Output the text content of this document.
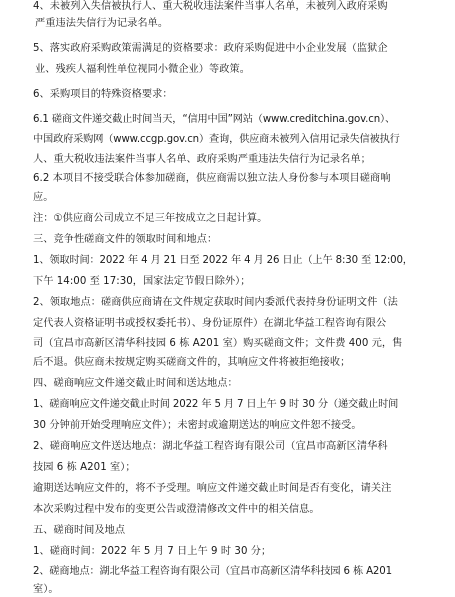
4、未被列入失信被执行人、重大税收违法案件当事人名单，未被列入政府采购
严重违法失信行为记录名单。
5、落实政府采购政策需满足的资格要求：政府采购促进中小企业发展（监狱企
业、残疾人福利性单位视同小微企业）等政策。
6、采购项目的特殊资格要求：
6.1 磋商文件递交截止时间当天，“信用中国”网站（www.creditchina.gov.cn）、
中国政府采购网（www.ccgp.gov.cn）查询，供应商未被列入信用记录失信被执行
人、重大税收违法案件当事人名单、政府采购严重违法失信行为记录名单；
6.2 本项目不接受联合体参加磋商，供应商需以独立法人身份参与本项目磋商响
应。
注：①供应商公司成立不足三年按成立之日起计算。
三、竞争性磋商文件的领取时间和地点：
1、领取时间：2022 年 4 月 21 日至 2022 年 4 月 26 日止（上午 8:30 至 12:00，
下午 14:00 至 17:30，国家法定节假日除外）；
2、领取地点：磋商供应商请在文件规定获取时间内委派代表持身份证明文件（法
定代表人资格证明书或授权委托书）、身份证原件）在湖北华益工程咨询有限公
司（宜昌市高新区清华科技园 6 栋 A201 室）购买磋商文件；文件费 400 元，售
后不退。供应商未按规定购买磋商文件的，其响应文件将被拒绝接收；
四、磋商响应文件递交截止时间和送达地点：
1、磋商响应文件递交截止时间 2022 年 5 月 7 日上午 9 时 30 分（递交截止时间
30 分钟前开始受理响应文件）；未密封或逾期送达的响应文件恕不接受。
2、磋商响应文件送达地点：湖北华益工程咨询有限公司（宜昌市高新区清华科
技园 6 栋 A201 室）；
逾期送达响应文件的，将不予受理。响应文件递交截止时间是否有变化，请关注
本次采购过程中发布的变更公告或澄清修改文件中的相关信息。
五、磋商时间及地点
1、磋商时间：2022 年 5 月 7 日上午 9 时 30 分；
2、磋商地点：湖北华益工程咨询有限公司（宜昌市高新区清华科技园 6 栋 A201
室）。
